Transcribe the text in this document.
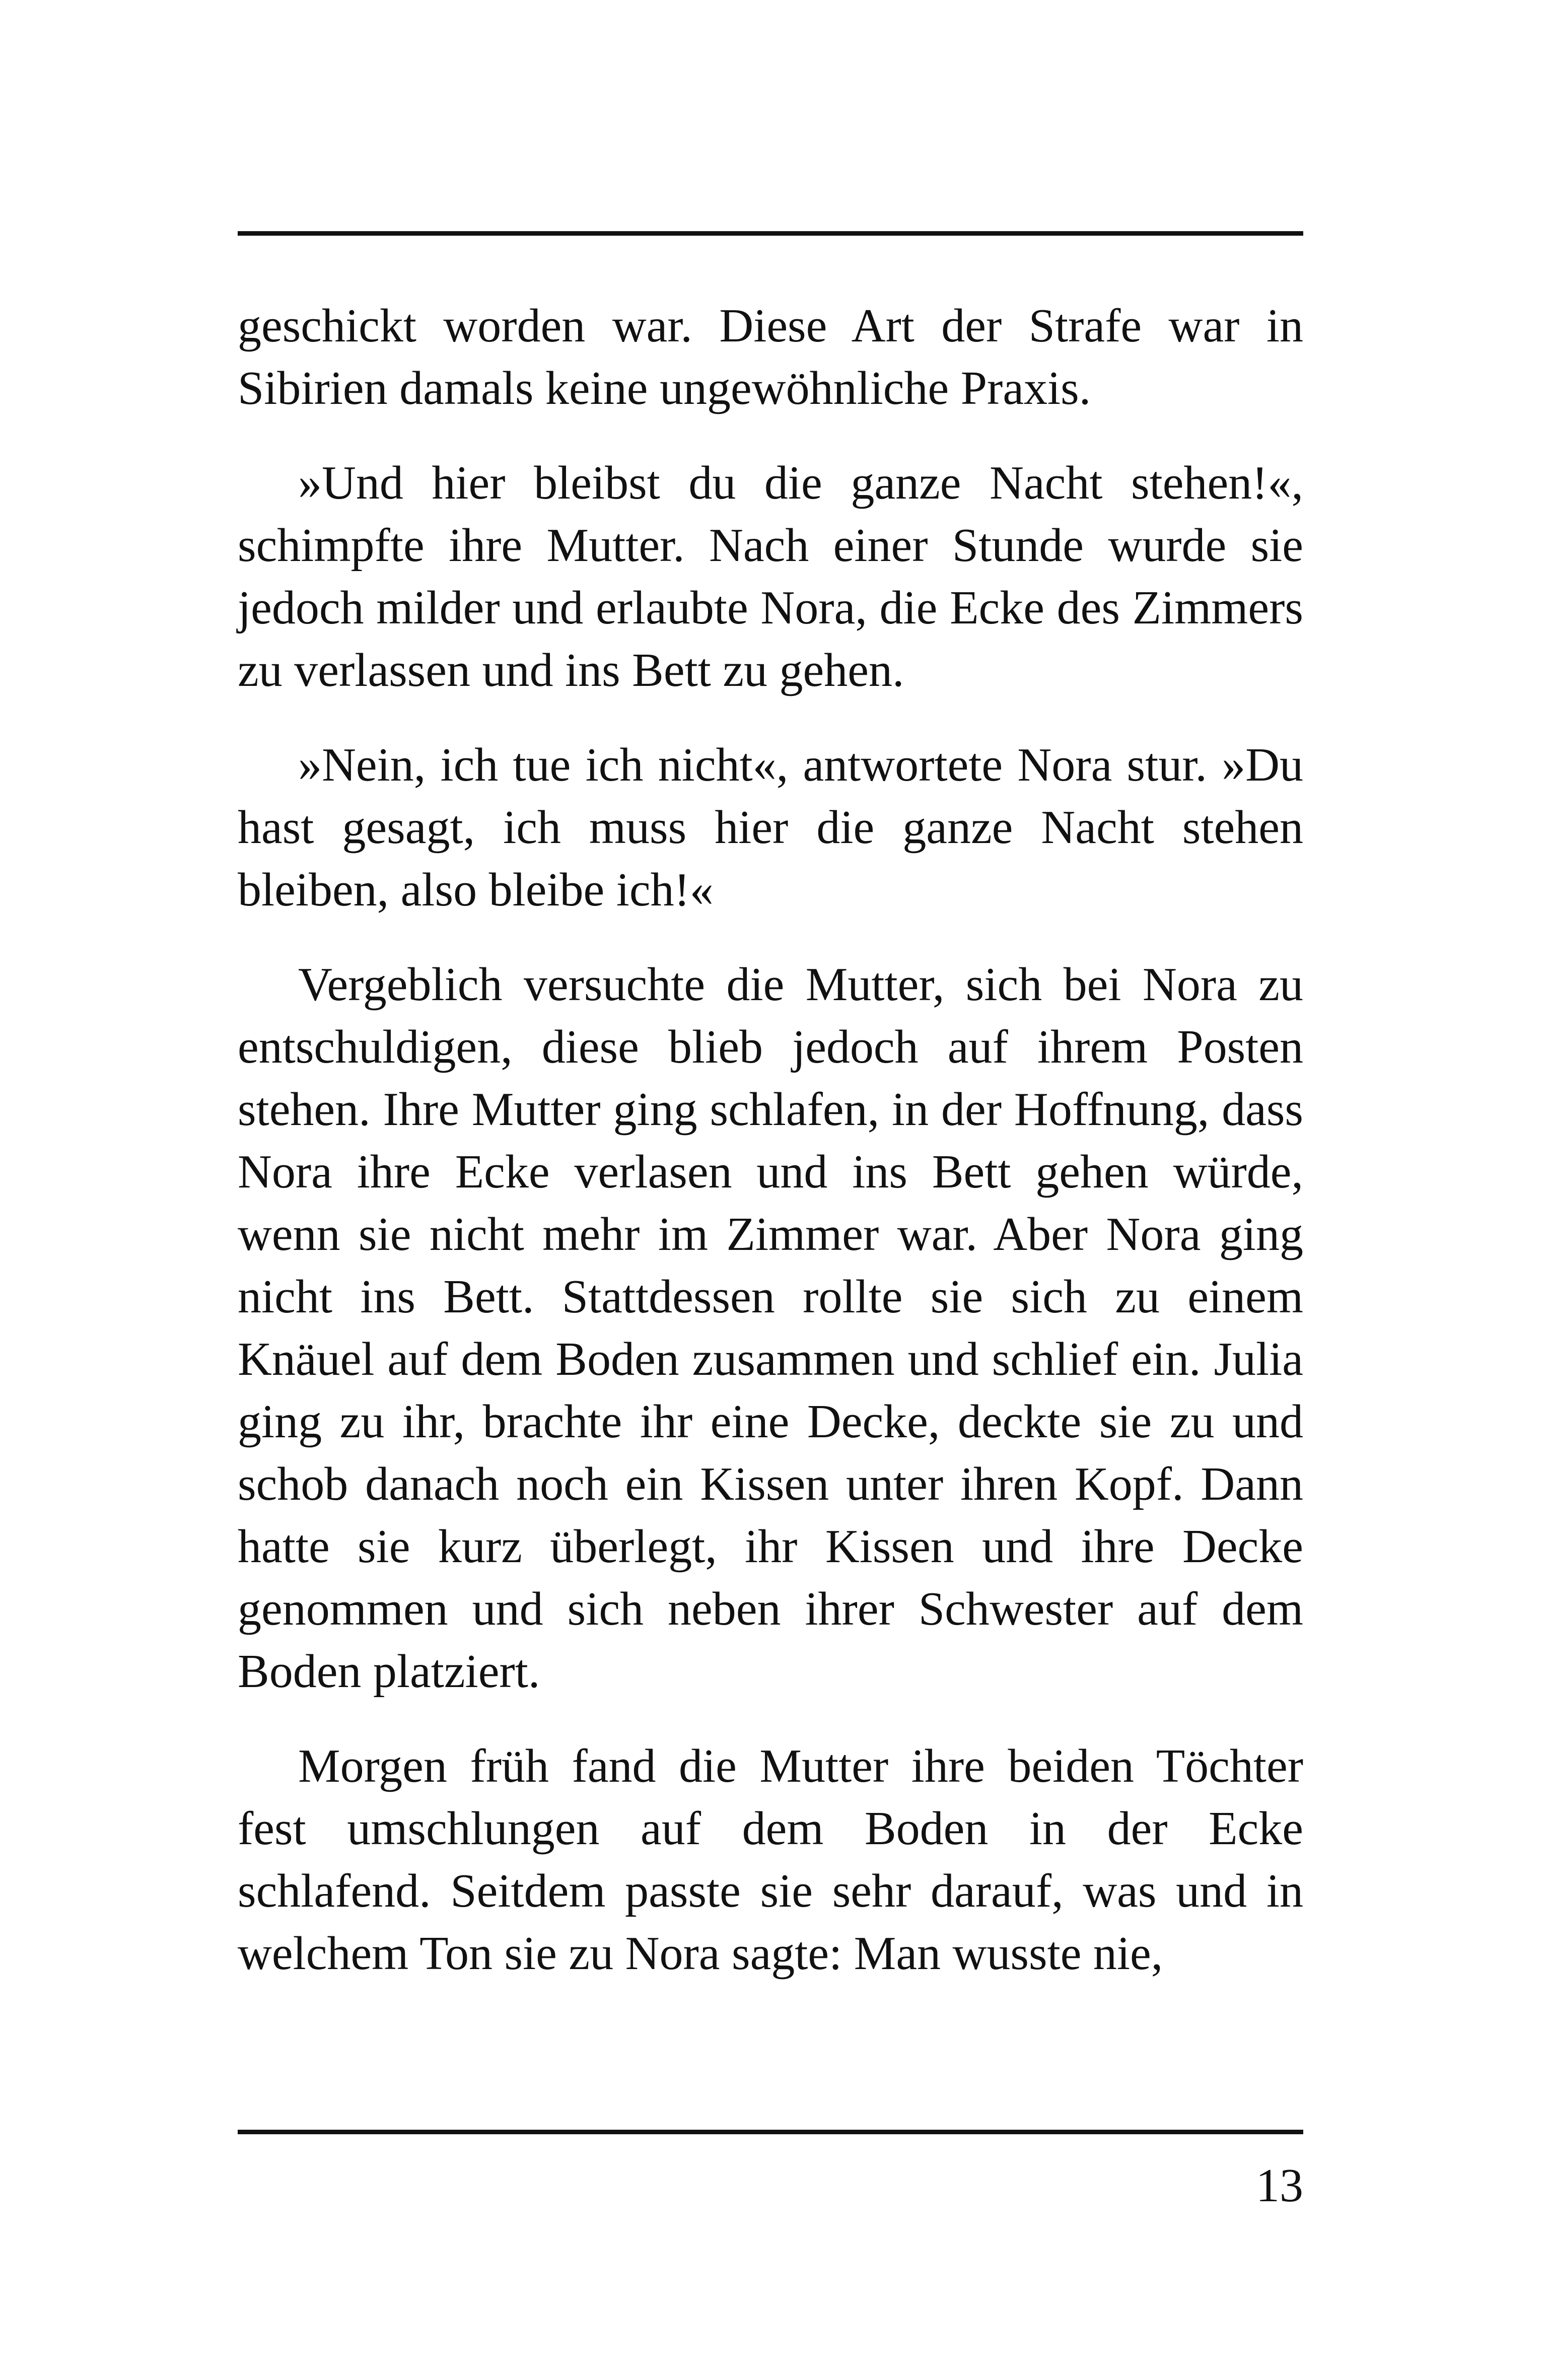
geschickt worden war. Diese Art der Strafe war in Sibirien damals keine ungewöhnliche Praxis.

»Und hier bleibst du die ganze Nacht stehen!«, schimpfte ihre Mutter. Nach einer Stunde wurde sie jedoch milder und erlaubte Nora, die Ecke des Zimmers zu verlassen und ins Bett zu gehen.

»Nein, ich tue ich nicht«, antwortete Nora stur. »Du hast gesagt, ich muss hier die ganze Nacht stehen bleiben, also bleibe ich!«

Vergeblich versuchte die Mutter, sich bei Nora zu entschuldigen, diese blieb jedoch auf ihrem Posten stehen. Ihre Mutter ging schlafen, in der Hoffnung, dass Nora ihre Ecke verlasen und ins Bett gehen würde, wenn sie nicht mehr im Zimmer war. Aber Nora ging nicht ins Bett. Stattdessen rollte sie sich zu einem Knäuel auf dem Boden zusammen und schlief ein. Julia ging zu ihr, brachte ihr eine Decke, deckte sie zu und schob danach noch ein Kissen unter ihren Kopf. Dann hatte sie kurz überlegt, ihr Kissen und ihre Decke genommen und sich neben ihrer Schwester auf dem Boden platziert.

Morgen früh fand die Mutter ihre beiden Töchter fest umschlungen auf dem Boden in der Ecke schlafend. Seitdem passte sie sehr darauf, was und in welchem Ton sie zu Nora sagte: Man wusste nie,

13
